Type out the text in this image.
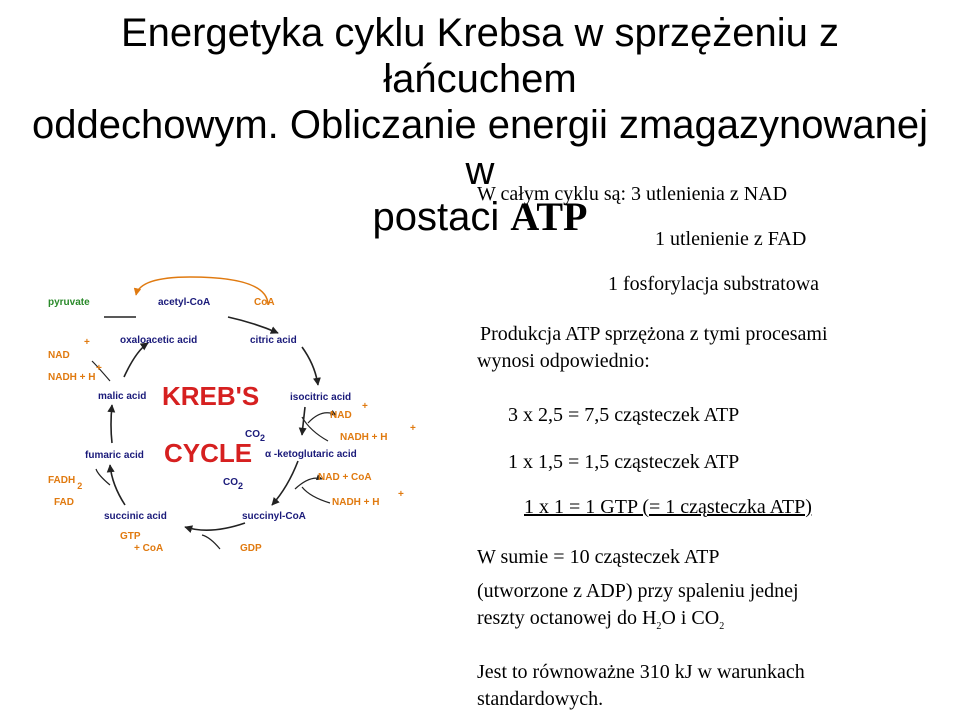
Energetyka cyklu Krebsa w sprzężeniu z łańcuchem
oddechowym. Obliczanie energii zmagazynowanej w
postaci ATP
W całym cyklu są: 3 utlenienia z NAD
1 utlenienie z FAD
1 fosforylacja substratowa
Produkcja ATP sprzężona z tymi procesami
wynosi odpowiednio:
3 x 2,5 = 7,5 cząsteczek ATP
1 x 1,5 = 1,5 cząsteczek ATP
1 x 1 = 1 GTP (= 1 cząsteczka ATP)
W sumie = 10 cząsteczek ATP
(utworzone z ADP) przy spaleniu jednej
reszty octanowej do $H_2O$ i $CO_2$
Jest to równoważne 310 kJ w warunkach
standardowych.
pyruvate	acetyl-CoA	CoA
oxaloacetic acid	citric acid
NAD
+
NADH + H
+
malic acid KREB'S
CYCLE
isocitric acid
NAD
+
NADH + H
+
CO2
fumaric acid	α -ketoglutaric acid
CO2
NAD + CoA
FADH 2
FAD	NADH + H
+
succinic acid	succinyl-CoA
GTP
+ CoA	GDP
